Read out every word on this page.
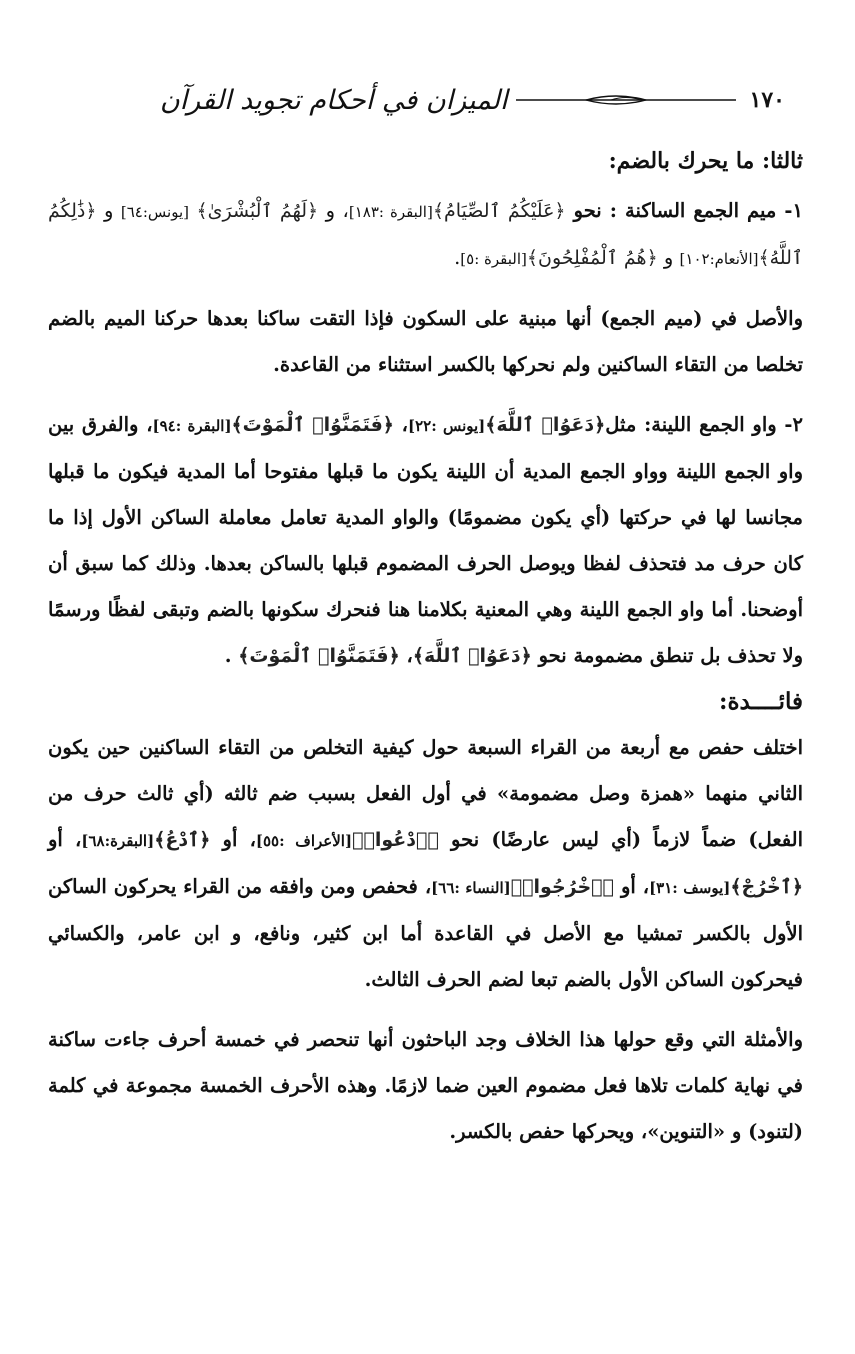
١٧٠
الميزان في أحكام تجويد القرآن

ثالثا: ما يحرك بالضم:

١- ميم الجمع الساكنة : نحو ﴿عَلَيْكُمُ ٱلصِّيَامُ﴾[البقرة :١٨٣]، و ﴿لَهُمُ ٱلْبُشْرَىٰ﴾ [يونس:٦٤] و ﴿ذَٰلِكُمُ ٱللَّهُ﴾[الأنعام:١٠٢] و ﴿هُمُ ٱلْمُفْلِحُونَ﴾[البقرة :٥].

والأصل في (ميم الجمع) أنها مبنية على السكون فإذا التقت ساكنا بعدها حركنا الميم بالضم تخلصا من التقاء الساكنين ولم نحركها بالكسر استثناء من القاعدة.

٢- واو الجمع اللينة: مثل﴿دَعَوُا۟ ٱللَّهَ﴾[يونس :٢٢]، ﴿فَتَمَنَّوُا۟ ٱلْمَوْتَ﴾[البقرة :٩٤]، والفرق بين واو الجمع اللينة وواو الجمع المدية أن اللينة يكون ما قبلها مفتوحا أما المدية فيكون ما قبلها مجانسا لها في حركتها (أي يكون مضمومًا) والواو المدية تعامل معاملة الساكن الأول إذا ما كان حرف مد فتحذف لفظا ويوصل الحرف المضموم قبلها بالساكن بعدها. وذلك كما سبق أن أوضحنا. أما واو الجمع اللينة وهي المعنية بكلامنا هنا فنحرك سكونها بالضم وتبقى لفظًا ورسمًا ولا تحذف بل تنطق مضمومة نحو ﴿دَعَوُا۟ ٱللَّهَ﴾، ﴿فَتَمَنَّوُا۟ ٱلْمَوْتَ﴾ .

فائــــدة:

اختلف حفص مع أربعة من القراء السبعة حول كيفية التخلص من التقاء الساكنين حين يكون الثاني منهما «همزة وصل مضمومة» في أول الفعل بسبب ضم ثالثه (أي ثالث حرف من الفعل) ضماً لازماً (أي ليس عارضًا) نحو ﴿ٱدْعُوا۟﴾[الأعراف :٥٥]، أو ﴿ٱدْعُ﴾[البقرة:٦٨]، أو ﴿ٱخْرُجْ﴾[يوسف :٣١]، أو ﴿ٱخْرُجُوا۟﴾[النساء :٦٦]، فحفص ومن وافقه من القراء يحركون الساكن الأول بالكسر تمشيا مع الأصل في القاعدة أما ابن كثير، ونافع، و ابن عامر، والكسائي فيحركون الساكن الأول بالضم تبعا لضم الحرف الثالث.

والأمثلة التي وقع حولها هذا الخلاف وجد الباحثون أنها تنحصر في خمسة أحرف جاءت ساكنة في نهاية كلمات تلاها فعل مضموم العين ضما لازمًا. وهذه الأحرف الخمسة مجموعة في كلمة (لتنود) و «التنوين»، ويحركها حفص بالكسر.
